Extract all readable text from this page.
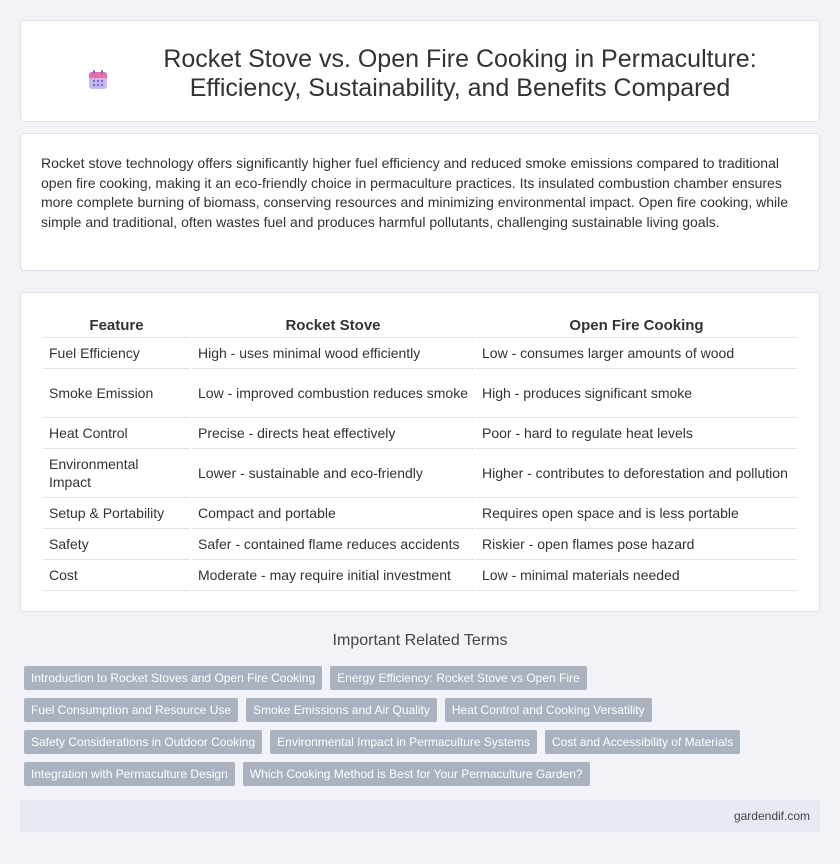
Rocket Stove vs. Open Fire Cooking in Permaculture: Efficiency, Sustainability, and Benefits Compared

Rocket stove technology offers significantly higher fuel efficiency and reduced smoke emissions compared to traditional open fire cooking, making it an eco-friendly choice in permaculture practices. Its insulated combustion chamber ensures more complete burning of biomass, conserving resources and minimizing environmental impact. Open fire cooking, while simple and traditional, often wastes fuel and produces harmful pollutants, challenging sustainable living goals.

Feature	Rocket Stove	Open Fire Cooking
Fuel Efficiency	High - uses minimal wood efficiently	Low - consumes larger amounts of wood
Smoke Emission	Low - improved combustion reduces smoke	High - produces significant smoke
Heat Control	Precise - directs heat effectively	Poor - hard to regulate heat levels
Environmental Impact	Lower - sustainable and eco-friendly	Higher - contributes to deforestation and pollution
Setup & Portability	Compact and portable	Requires open space and is less portable
Safety	Safer - contained flame reduces accidents	Riskier - open flames pose hazard
Cost	Moderate - may require initial investment	Low - minimal materials needed
Important Related Terms
Introduction to Rocket Stoves and Open Fire Cooking	Energy Efficiency: Rocket Stove vs Open Fire
Fuel Consumption and Resource Use	Smoke Emissions and Air Quality	Heat Control and Cooking Versatility
Safety Considerations in Outdoor Cooking	Environmental Impact in Permaculture Systems	Cost and Accessibility of Materials
Integration with Permaculture Design	Which Cooking Method is Best for Your Permaculture Garden?
gardendif.com
